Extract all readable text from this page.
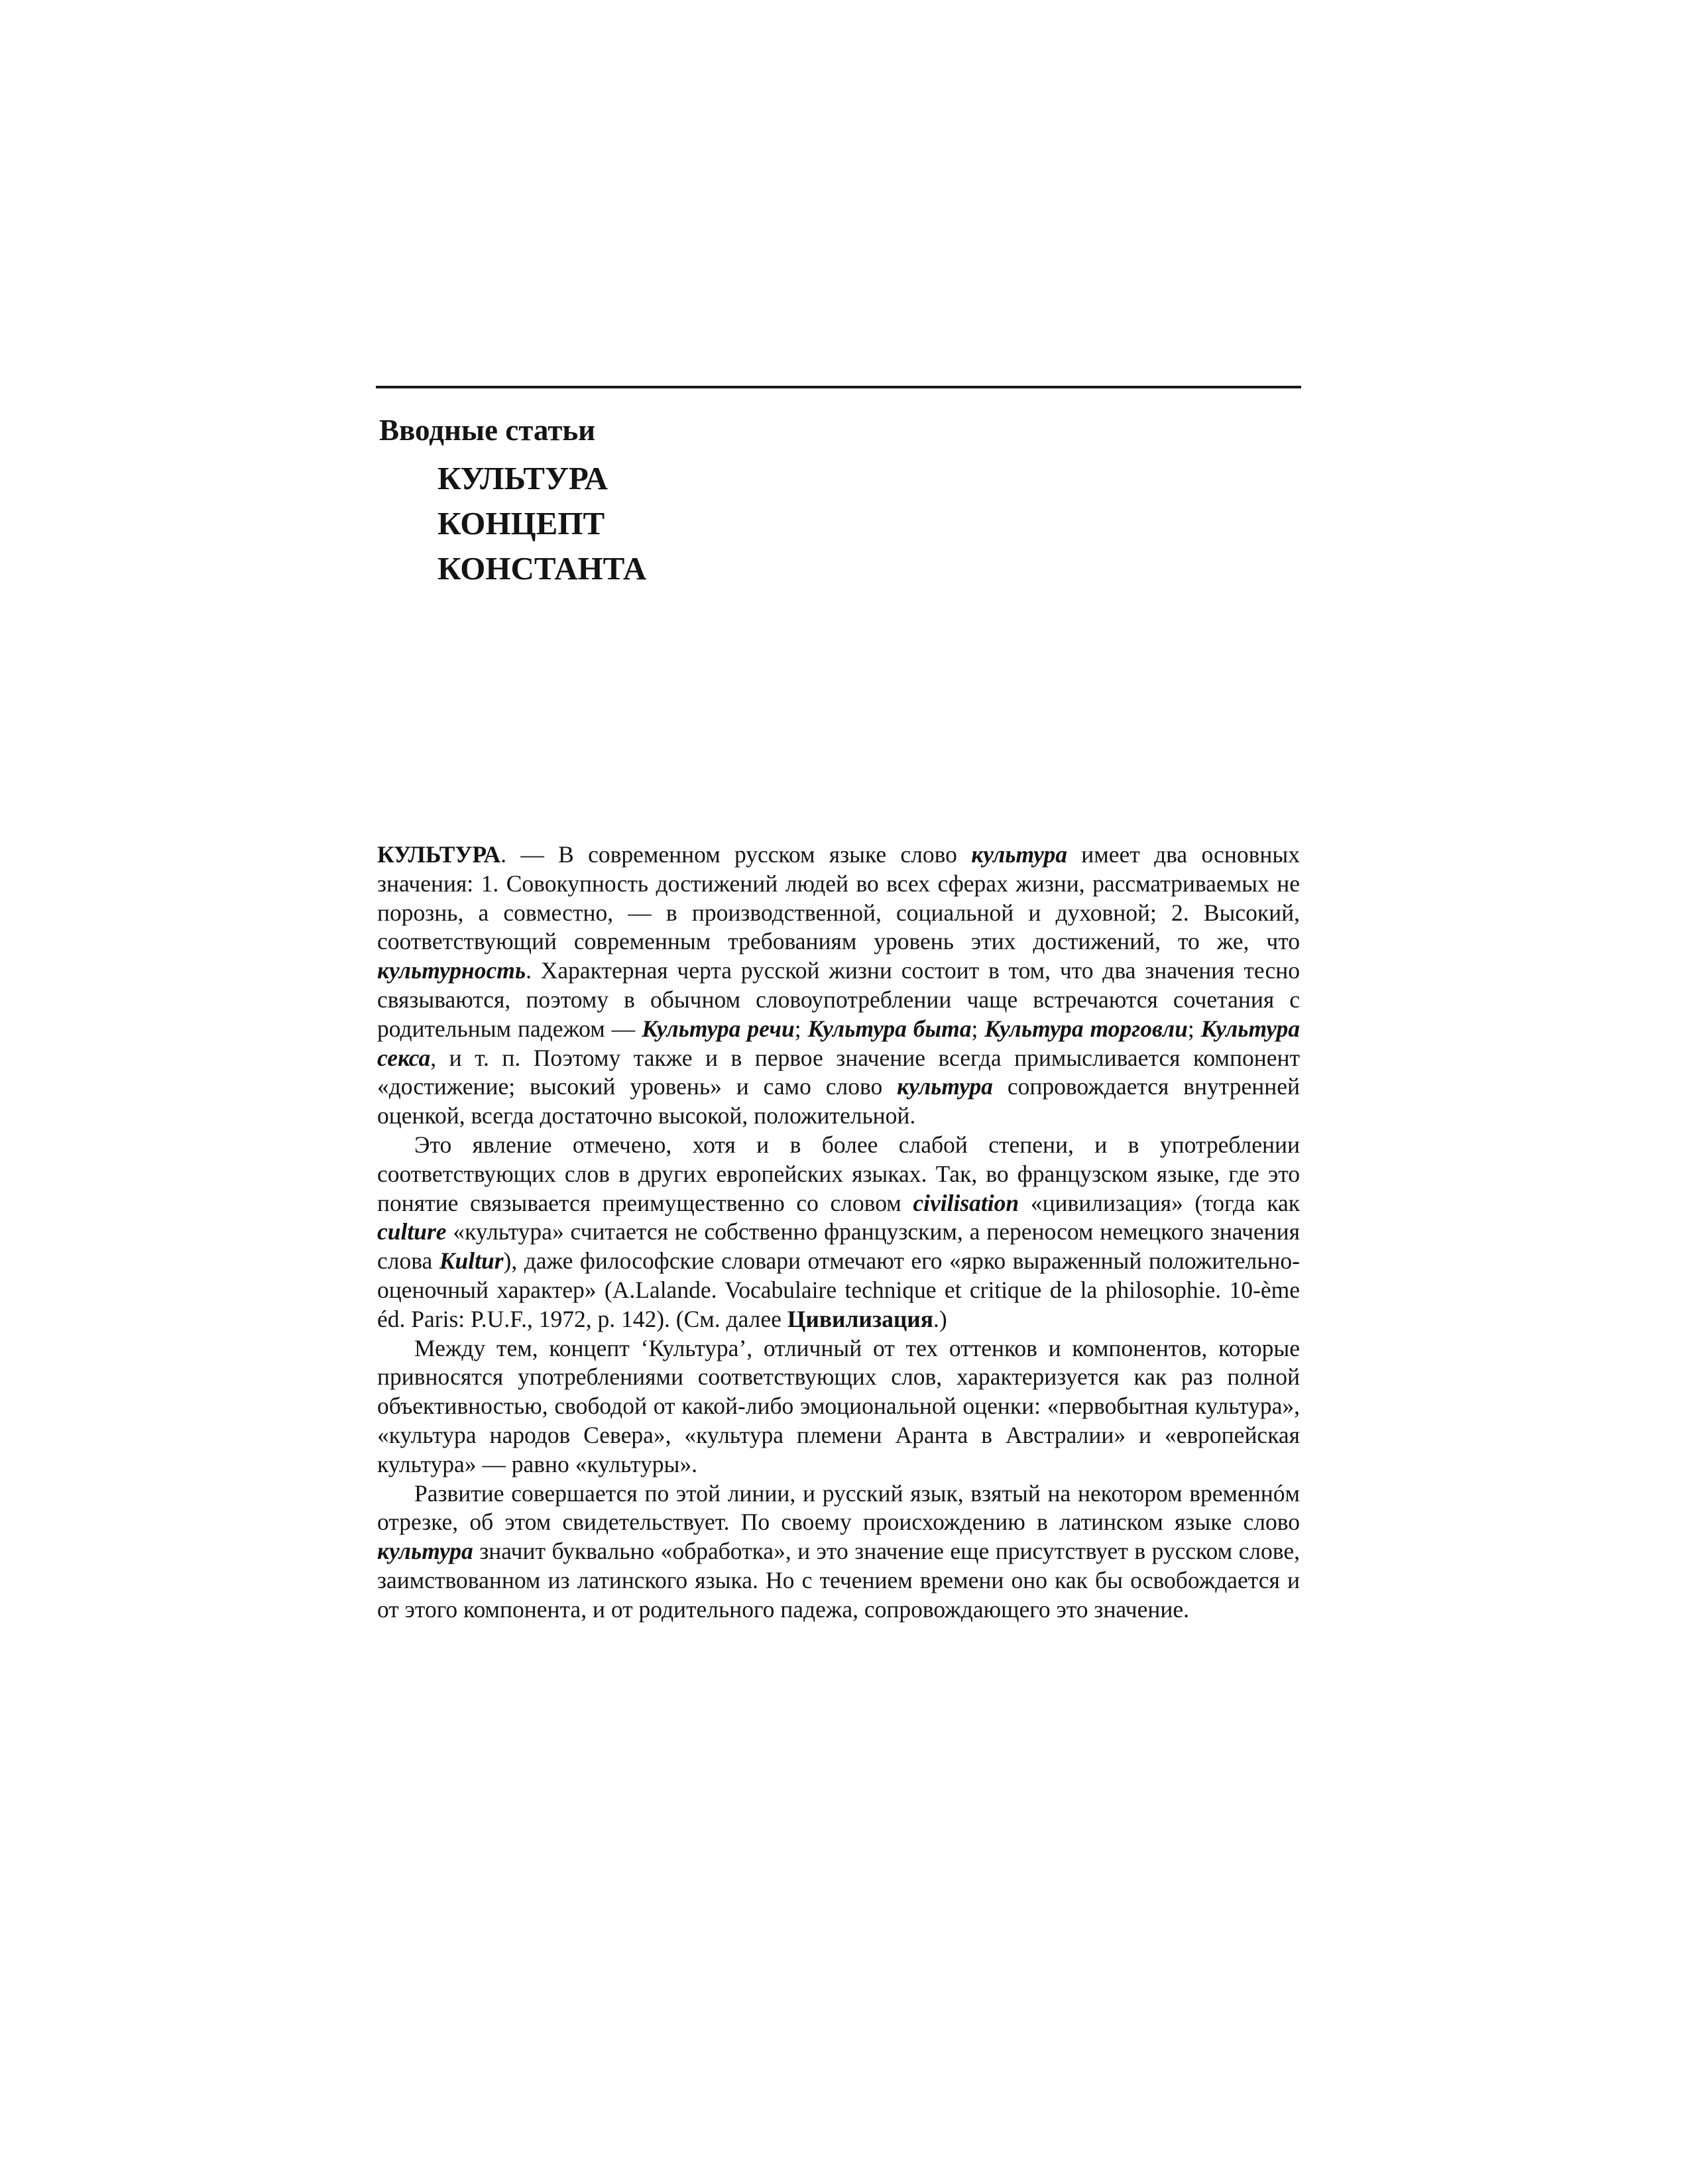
Вводные статьи
КУЛЬТУРА
КОНЦЕПТ
КОНСТАНТА

КУЛЬТУРА. — В современном русском языке слово культура имеет два основных значения: 1. Совокупность достижений людей во всех сферах жизни, рассматриваемых не порознь, а совместно, — в производственной, социальной и духовной; 2. Высокий, соответствующий современным требованиям уровень этих достижений, то же, что культурность. Характерная черта русской жизни состоит в том, что два значения тесно связываются, поэтому в обычном словоупотреблении чаще встречаются сочетания с родительным падежом — Культура речи; Культура быта; Культура торговли; Культура секса, и т. п. Поэтому также и в первое значение всегда примысливается компонент «достижение; высокий уровень» и само слово культура сопровождается внутренней оценкой, всегда достаточно высокой, положительной.

Это явление отмечено, хотя и в более слабой степени, и в употреблении соответствующих слов в других европейских языках. Так, во французском языке, где это понятие связывается преимущественно со словом civilisation «цивилизация» (тогда как culture «культура» считается не собственно французским, а переносом немецкого значения слова Kultur), даже философские словари отмечают его «ярко выраженный положительно-оценочный характер» (A.Lalande. Vocabulaire technique et critique de la philosophie. 10-ème éd. Paris: P.U.F., 1972, p. 142). (См. далее Цивилизация.)

Между тем, концепт ‘Культура’, отличный от тех оттенков и компонентов, которые привносятся употреблениями соответствующих слов, характеризуется как раз полной объективностью, свободой от какой-либо эмоциональной оценки: «первобытная культура», «культура народов Севера», «культура племени Аранта в Австралии» и «европейская культура» — равно «культуры».

Развитие совершается по этой линии, и русский язык, взятый на некотором временнóм отрезке, об этом свидетельствует. По своему происхождению в латинском языке слово культура значит буквально «обработка», и это значение еще присутствует в русском слове, заимствованном из латинского языка. Но с течением времени оно как бы освобождается и от этого компонента, и от родительного падежа, сопровождающего это значение.
